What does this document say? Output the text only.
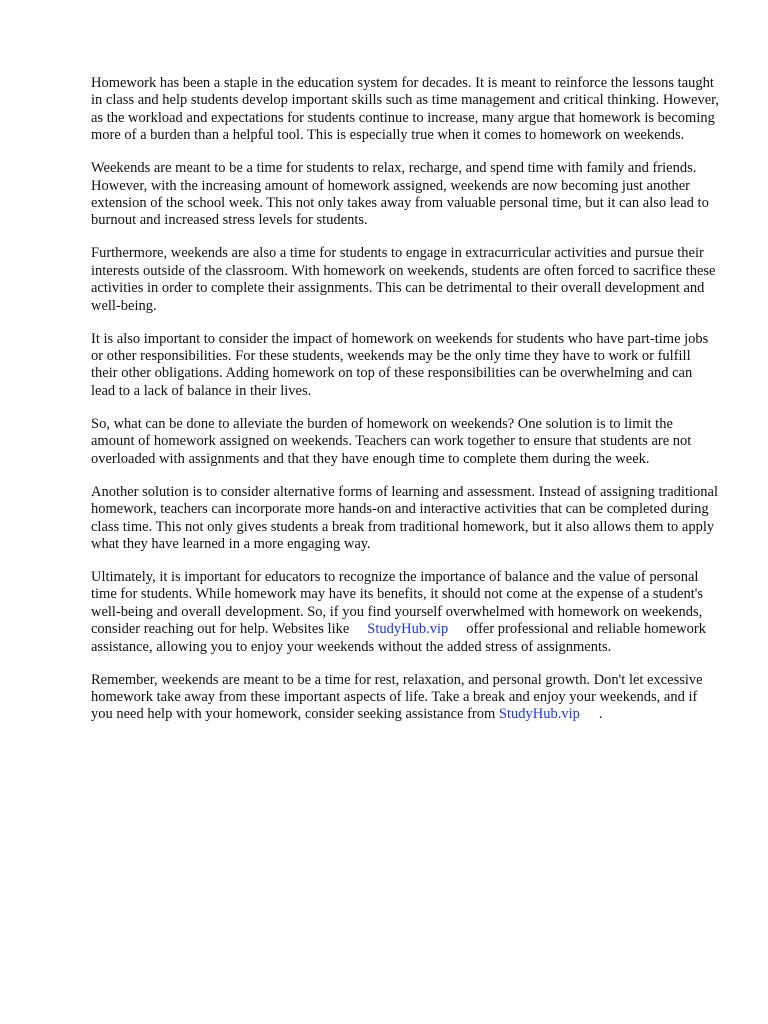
Homework has been a staple in the education system for decades. It is meant to reinforce the lessons taught in class and help students develop important skills such as time management and critical thinking. However, as the workload and expectations for students continue to increase, many argue that homework is becoming more of a burden than a helpful tool. This is especially true when it comes to homework on weekends.

Weekends are meant to be a time for students to relax, recharge, and spend time with family and friends. However, with the increasing amount of homework assigned, weekends are now becoming just another extension of the school week. This not only takes away from valuable personal time, but it can also lead to burnout and increased stress levels for students.

Furthermore, weekends are also a time for students to engage in extracurricular activities and pursue their interests outside of the classroom. With homework on weekends, students are often forced to sacrifice these activities in order to complete their assignments. This can be detrimental to their overall development and well-being.

It is also important to consider the impact of homework on weekends for students who have part-time jobs or other responsibilities. For these students, weekends may be the only time they have to work or fulfill their other obligations. Adding homework on top of these responsibilities can be overwhelming and can lead to a lack of balance in their lives.

So, what can be done to alleviate the burden of homework on weekends? One solution is to limit the amount of homework assigned on weekends. Teachers can work together to ensure that students are not overloaded with assignments and that they have enough time to complete them during the week.

Another solution is to consider alternative forms of learning and assessment. Instead of assigning traditional homework, teachers can incorporate more hands-on and interactive activities that can be completed during class time. This not only gives students a break from traditional homework, but it also allows them to apply what they have learned in a more engaging way.

Ultimately, it is important for educators to recognize the importance of balance and the value of personal time for students. While homework may have its benefits, it should not come at the expense of a student's well-being and overall development. So, if you find yourself overwhelmed with homework on weekends, consider reaching out for help. Websites like StudyHub.vip offer professional and reliable homework assistance, allowing you to enjoy your weekends without the added stress of assignments.

Remember, weekends are meant to be a time for rest, relaxation, and personal growth. Don't let excessive homework take away from these important aspects of life. Take a break and enjoy your weekends, and if you need help with your homework, consider seeking assistance from StudyHub.vip .
